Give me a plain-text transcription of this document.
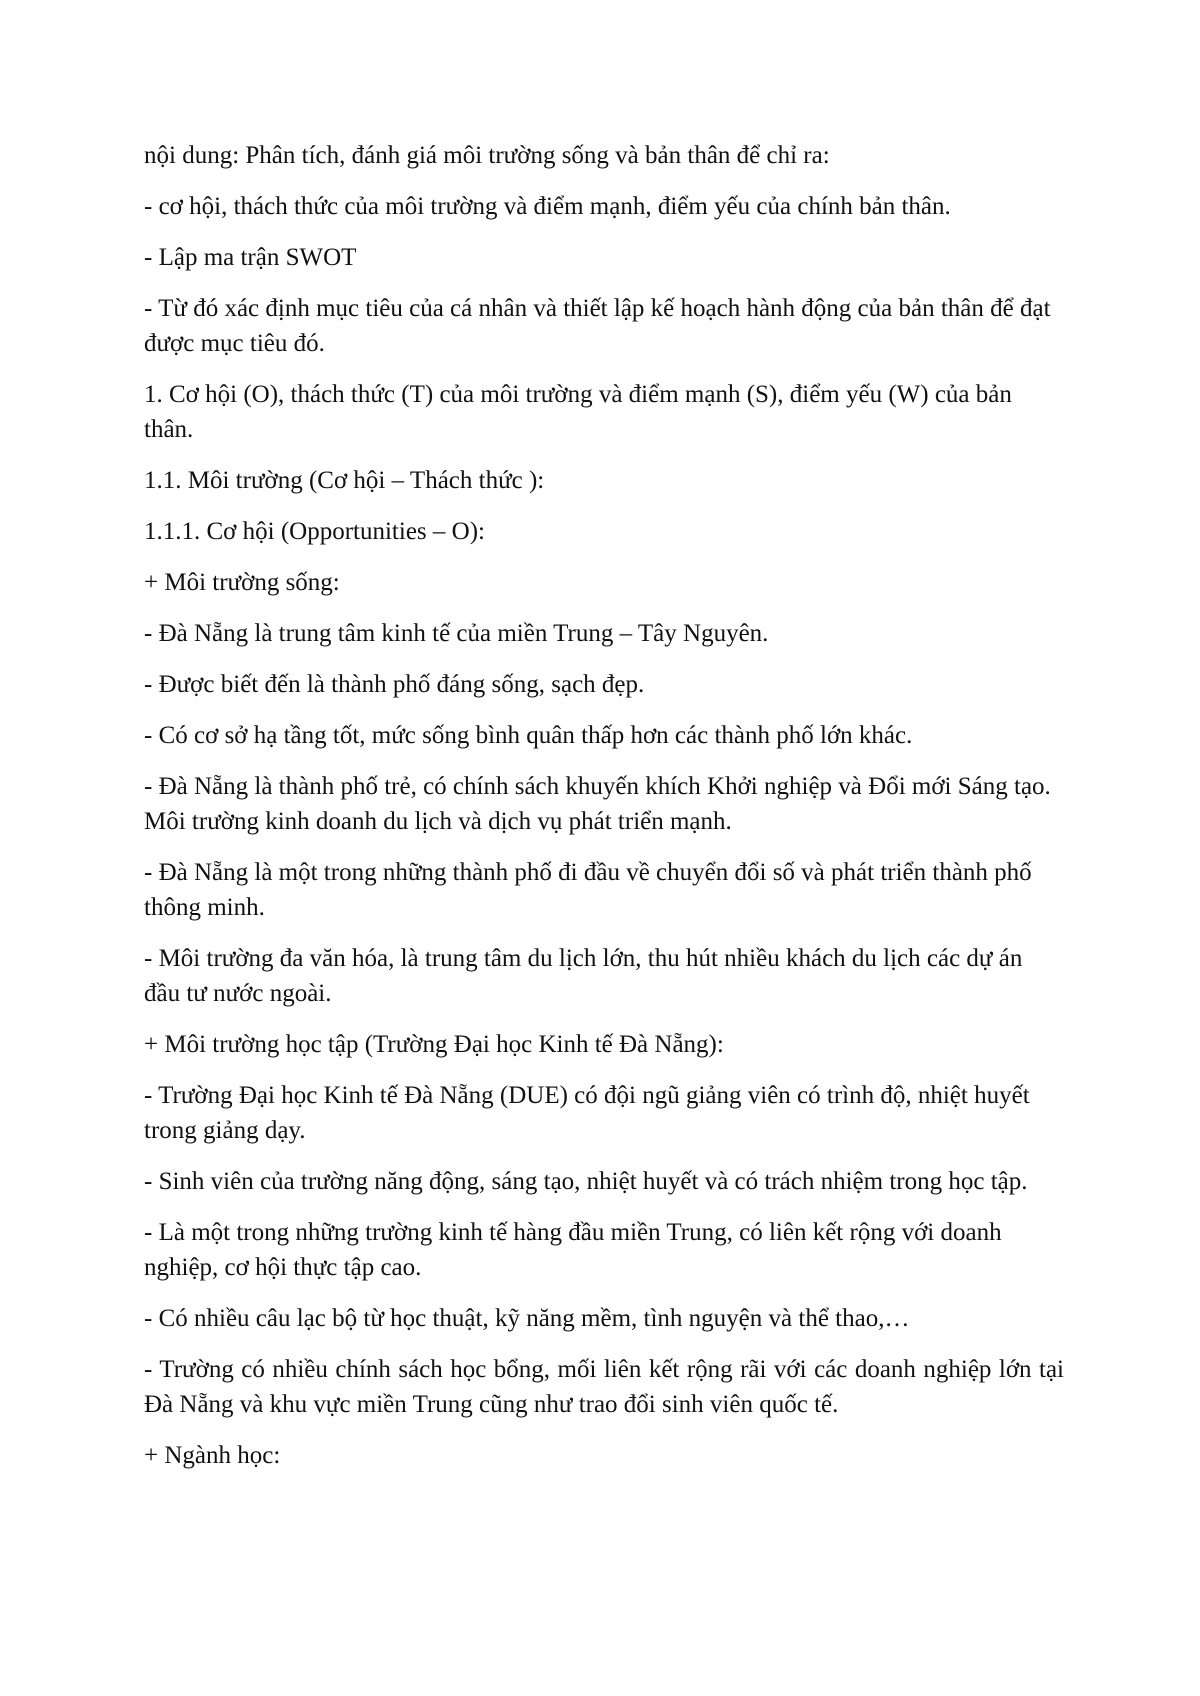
nội dung: Phân tích, đánh giá môi trường sống và bản thân để chỉ ra:

- cơ hội, thách thức của môi trường và điểm mạnh, điểm yếu của chính bản thân.

- Lập ma trận SWOT

- Từ đó xác định mục tiêu của cá nhân và thiết lập kế hoạch hành động của bản thân để đạt được mục tiêu đó.

1. Cơ hội (O), thách thức (T) của môi trường và điểm mạnh (S), điểm yếu (W) của bản thân.

1.1. Môi trường (Cơ hội – Thách thức ):

1.1.1. Cơ hội (Opportunities – O):

+ Môi trường sống:

- Đà Nẵng là trung tâm kinh tế của miền Trung – Tây Nguyên.

- Được biết đến là thành phố đáng sống, sạch đẹp.

- Có cơ sở hạ tầng tốt, mức sống bình quân thấp hơn các thành phố lớn khác.

- Đà Nẵng là thành phố trẻ, có chính sách khuyến khích Khởi nghiệp và Đổi mới Sáng tạo. Môi trường kinh doanh du lịch và dịch vụ phát triển mạnh.

- Đà Nẵng là một trong những thành phố đi đầu về chuyển đổi số và phát triển thành phố thông minh.

- Môi trường đa văn hóa, là trung tâm du lịch lớn, thu hút nhiều khách du lịch các dự án đầu tư nước ngoài.

+ Môi trường học tập (Trường Đại học Kinh tế Đà Nẵng):

- Trường Đại học Kinh tế Đà Nẵng (DUE) có đội ngũ giảng viên có trình độ, nhiệt huyết trong giảng dạy.

- Sinh viên của trường năng động, sáng tạo, nhiệt huyết và có trách nhiệm trong học tập.

- Là một trong những trường kinh tế hàng đầu miền Trung, có liên kết rộng với doanh nghiệp, cơ hội thực tập cao.

- Có nhiều câu lạc bộ từ học thuật, kỹ năng mềm, tình nguyện và thể thao,…

- Trường có nhiều chính sách học bổng, mối liên kết rộng rãi với các doanh nghiệp lớn tại Đà Nẵng và khu vực miền Trung cũng như trao đổi sinh viên quốc tế.

+ Ngành học:
